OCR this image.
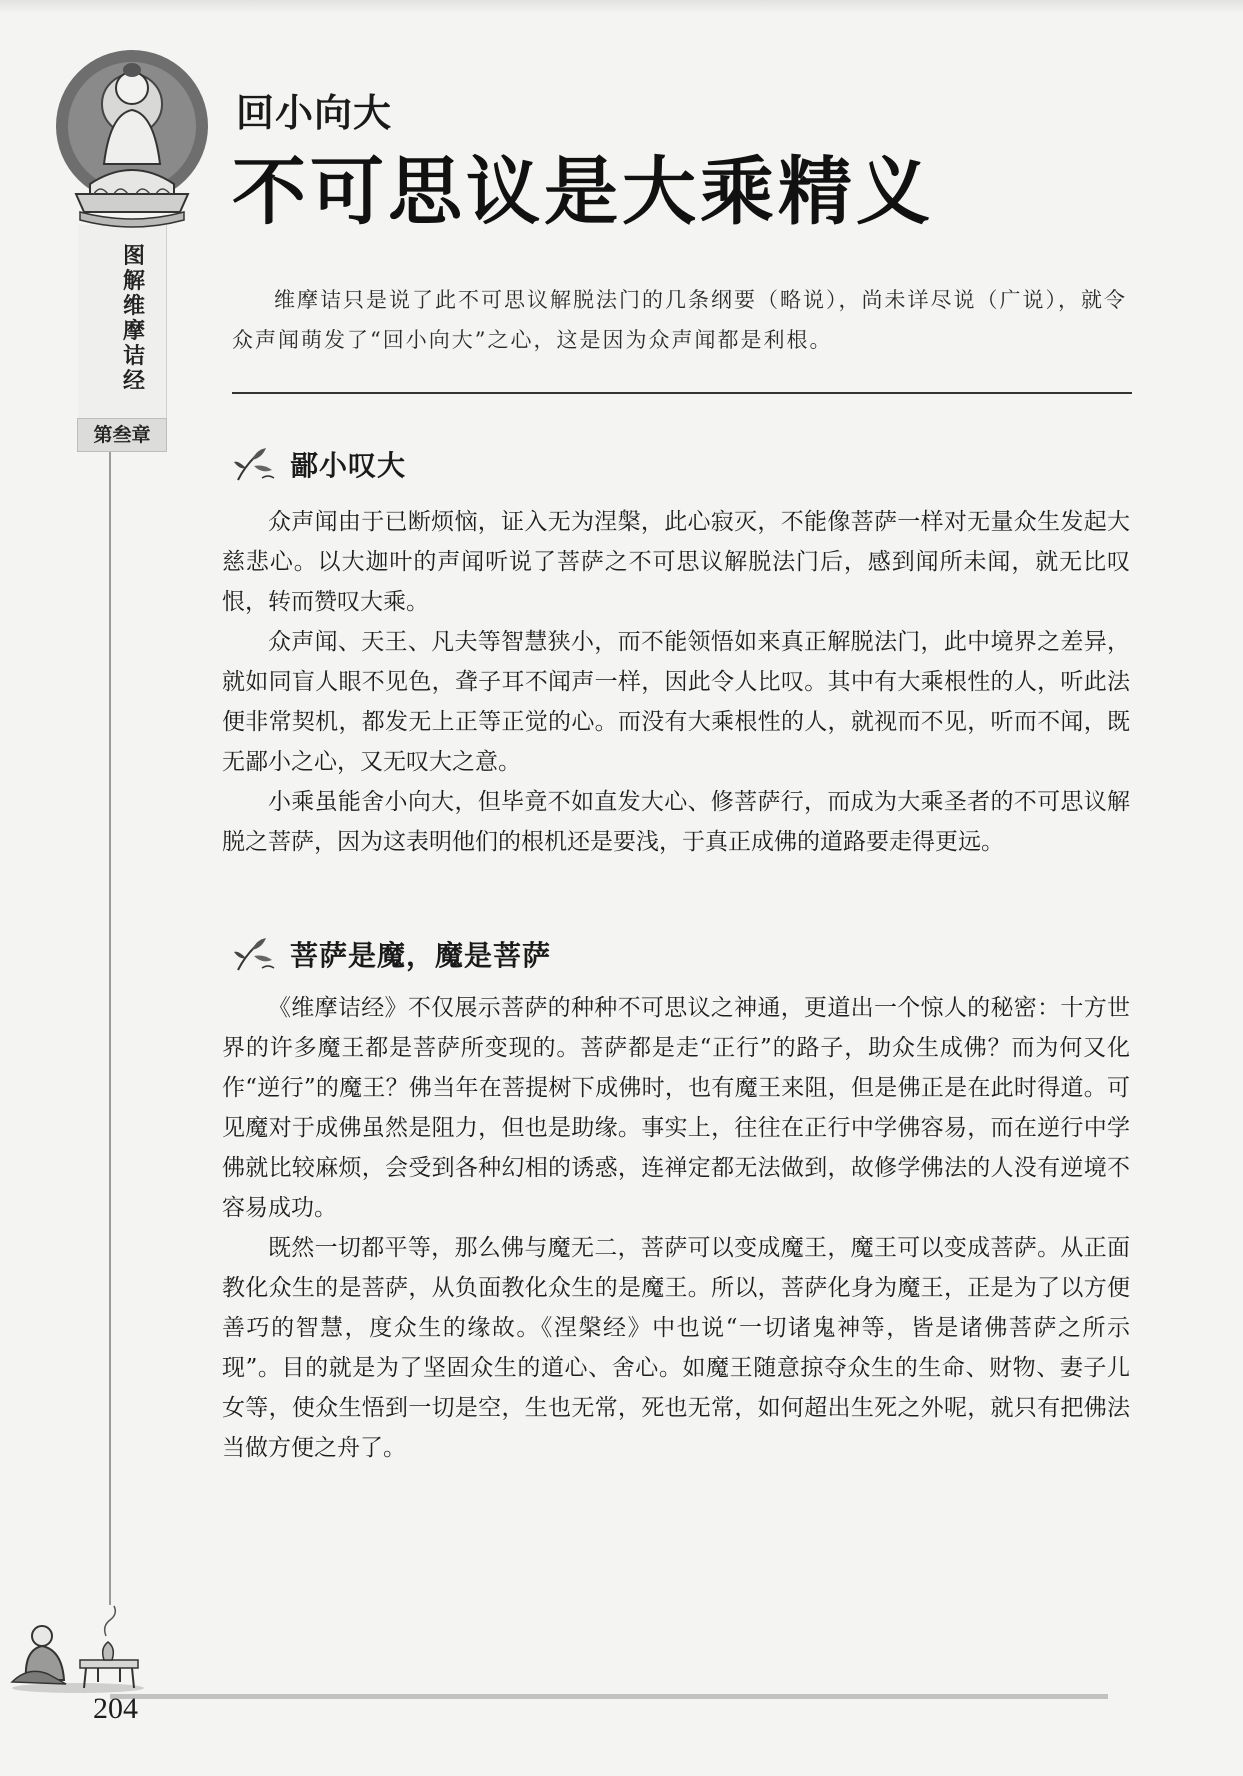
图
解
维
摩
诘
经
第叁章
回小向大
不可思议是大乘精义
维摩诘只是说了此不可思议解脱法门的几条纲要（略说），尚未详尽说（广说），就令众声闻萌发了“回小向大”之心，这是因为众声闻都是利根。
鄙小叹大

众声闻由于已断烦恼，证入无为涅槃，此心寂灭，不能像菩萨一样对无量众生发起大慈悲心。以大迦叶的声闻听说了菩萨之不可思议解脱法门后，感到闻所未闻，就无比叹恨，转而赞叹大乘。

众声闻、天王、凡夫等智慧狭小，而不能领悟如来真正解脱法门，此中境界之差异，就如同盲人眼不见色，聋子耳不闻声一样，因此令人比叹。其中有大乘根性的人，听此法便非常契机，都发无上正等正觉的心。而没有大乘根性的人，就视而不见，听而不闻，既无鄙小之心，又无叹大之意。

小乘虽能舍小向大，但毕竟不如直发大心、修菩萨行，而成为大乘圣者的不可思议解脱之菩萨，因为这表明他们的根机还是要浅，于真正成佛的道路要走得更远。

菩萨是魔，魔是菩萨

《维摩诘经》不仅展示菩萨的种种不可思议之神通，更道出一个惊人的秘密：十方世界的许多魔王都是菩萨所变现的。菩萨都是走“正行”的路子，助众生成佛？而为何又化作“逆行”的魔王？佛当年在菩提树下成佛时，也有魔王来阻，但是佛正是在此时得道。可见魔对于成佛虽然是阻力，但也是助缘。事实上，往往在正行中学佛容易，而在逆行中学佛就比较麻烦，会受到各种幻相的诱惑，连禅定都无法做到，故修学佛法的人没有逆境不容易成功。

既然一切都平等，那么佛与魔无二，菩萨可以变成魔王，魔王可以变成菩萨。从正面教化众生的是菩萨，从负面教化众生的是魔王。所以，菩萨化身为魔王，正是为了以方便善巧的智慧，度众生的缘故。《涅槃经》中也说“一切诸鬼神等，皆是诸佛菩萨之所示现”。目的就是为了坚固众生的道心、舍心。如魔王随意掠夺众生的生命、财物、妻子儿女等，使众生悟到一切是空，生也无常，死也无常，如何超出生死之外呢，就只有把佛法当做方便之舟了。

204
